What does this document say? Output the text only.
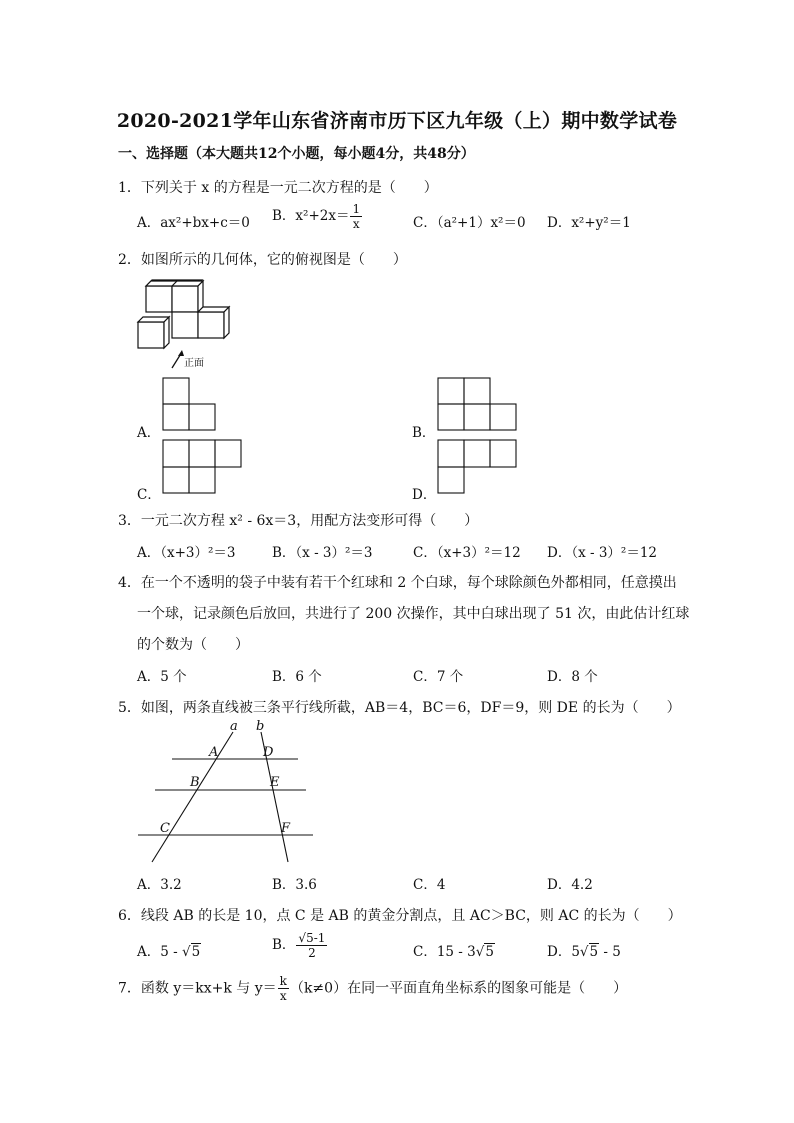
2020-2021学年山东省济南市历下区九年级（上）期中数学试卷
一、选择题（本大题共12个小题，每小题4分，共48分）
1．下列关于 x 的方程是一元二次方程的是（　　）
A．ax²+bx+c＝0 B．$x^2+2x= \frac{1}{x}$	C．（a²+1）x²＝0 D．x²+y²＝1
2．如图所示的几何体，它的俯视图是（　　）
正面
A．	B．
C．	D．
3．一元二次方程 x² - 6x＝3，用配方法变形可得（　　）
A．（x+3）²＝3	B．（x - 3）²＝3	C．（x+3）²＝12 D．（x - 3）²＝12
4．在一个不透明的袋子中装有若干个红球和 2 个白球，每个球除颜色外都相同，任意摸出
一个球，记录颜色后放回，共进行了 200 次操作，其中白球出现了 51 次，由此估计红球
的个数为（　　）
A．5 个	B．6 个	C．7 个	D．8 个
5．如图，两条直线被三条平行线所截，AB＝4，BC＝6，DF＝9，则 DE 的长为（　　）
a b
A	D
B	E
C	F
A．3.2	B．3.6	C．4	D．4.2
6．线段 AB 的长是 10，点 C 是 AB 的黄金分割点，且 AC＞BC，则 AC 的长为（　　）
A．5 - √5	B． $\frac{√5-1}{2}$	C．15 - 3√5	D．5√5 - 5
7．函数 y＝kx+k 与 $y= \frac{k}{x} (k\ne 0)$在同一平面直角坐标系的图象可能是（　　）
